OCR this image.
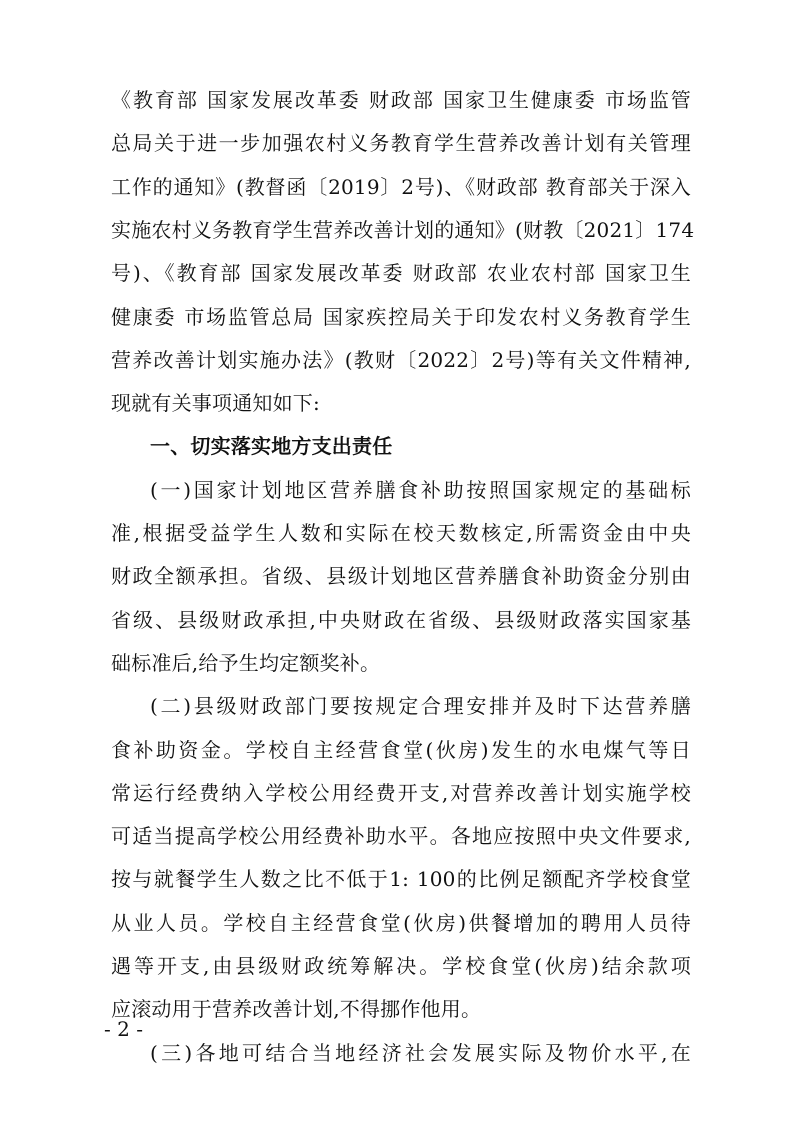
《教育部 国家发展改革委 财政部 国家卫生健康委 市场监管
总局关于进一步加强农村义务教育学生营养改善计划有关管理
工作的通知》(教督函〔2019〕2号)、《财政部 教育部关于深入
实施农村义务教育学生营养改善计划的通知》(财教〔2021〕174
号)、《教育部 国家发展改革委 财政部 农业农村部 国家卫生
健康委 市场监管总局 国家疾控局关于印发农村义务教育学生
营养改善计划实施办法》(教财〔2022〕2号)等有关文件精神,
现就有关事项通知如下:
一、切实落实地方支出责任
(一)国家计划地区营养膳食补助按照国家规定的基础标
准,根据受益学生人数和实际在校天数核定,所需资金由中央
财政全额承担。省级、县级计划地区营养膳食补助资金分别由
省级、县级财政承担,中央财政在省级、县级财政落实国家基
础标准后,给予生均定额奖补。
(二)县级财政部门要按规定合理安排并及时下达营养膳
食补助资金。学校自主经营食堂(伙房)发生的水电煤气等日
常运行经费纳入学校公用经费开支,对营养改善计划实施学校
可适当提高学校公用经费补助水平。各地应按照中央文件要求,
按与就餐学生人数之比不低于1: 100的比例足额配齐学校食堂
从业人员。学校自主经营食堂(伙房)供餐增加的聘用人员待
遇等开支,由县级财政统筹解决。学校食堂(伙房)结余款项
应滚动用于营养改善计划,不得挪作他用。
(三)各地可结合当地经济社会发展实际及物价水平,在
- 2 -
